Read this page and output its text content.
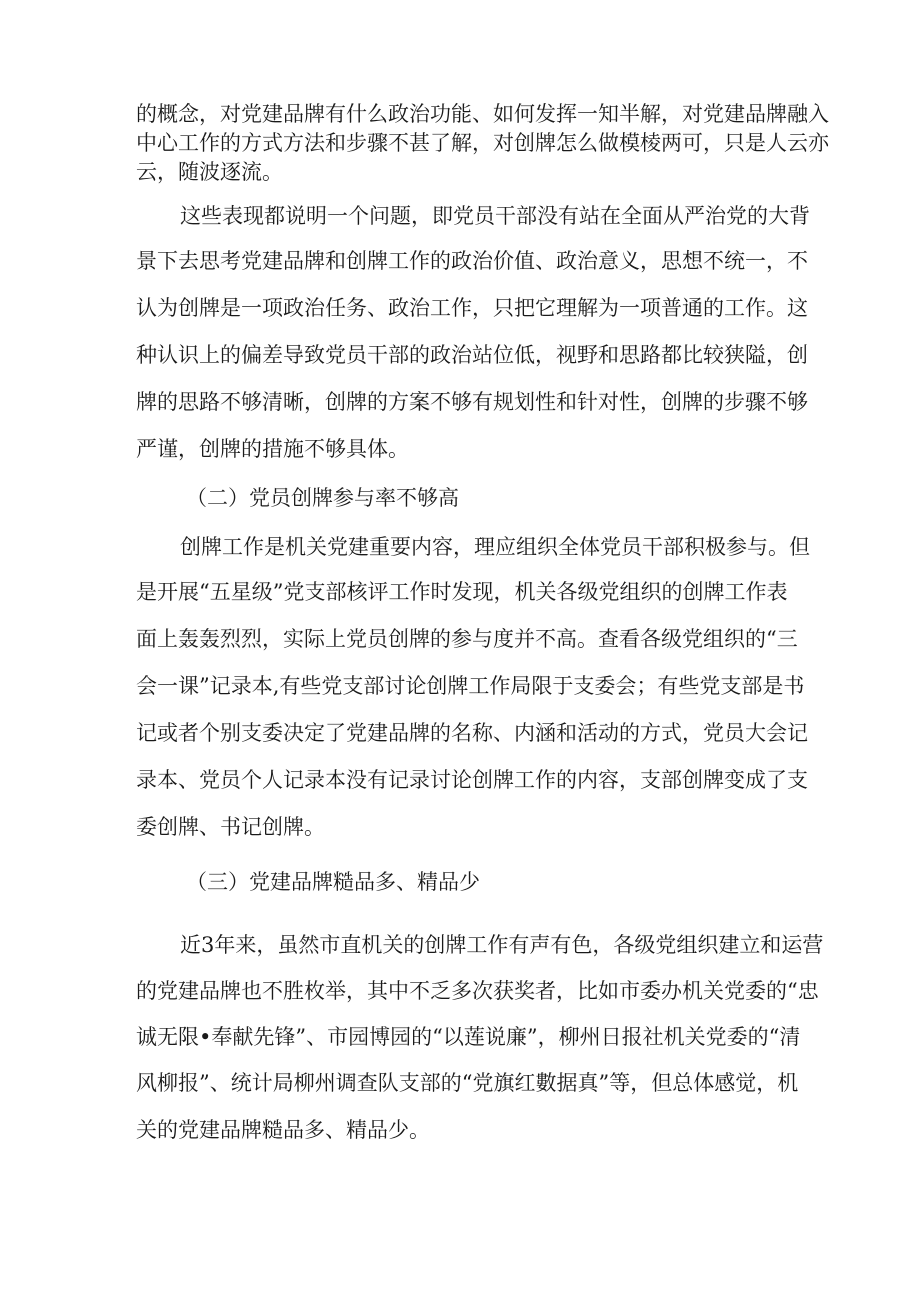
的概念，对党建品牌有什么政治功能、如何发挥一知半解，对党建品牌融入
中心工作的方式方法和步骤不甚了解，对创牌怎么做模棱两可，只是人云亦
云，随波逐流。
这些表现都说明一个问题，即党员干部没有站在全面从严治党的大背
景下去思考党建品牌和创牌工作的政治价值、政治意义，思想不统一，不
认为创牌是一项政治任务、政治工作，只把它理解为一项普通的工作。这
种认识上的偏差导致党员干部的政治站位低，视野和思路都比较狭隘，创
牌的思路不够清晰，创牌的方案不够有规划性和针对性，创牌的步骤不够
严谨，创牌的措施不够具体。
（二）党员创牌参与率不够高
创牌工作是机关党建重要内容，理应组织全体党员干部积极参与。但
是开展“五星级”党支部核评工作时发现，机关各级党组织的创牌工作表
面上轰轰烈烈，实际上党员创牌的参与度并不高。查看各级党组织的“三
会一课”记录本,有些党支部讨论创牌工作局限于支委会；有些党支部是书
记或者个别支委决定了党建品牌的名称、内涵和活动的方式，党员大会记
录本、党员个人记录本没有记录讨论创牌工作的内容，支部创牌变成了支
委创牌、书记创牌。
（三）党建品牌糙品多、精品少
近3年来，虽然市直机关的创牌工作有声有色，各级党组织建立和运营
的党建品牌也不胜枚举，其中不乏多次获奖者，比如市委办机关党委的“忠
诚无限•奉献先锋”、市园博园的“以莲说廉”，柳州日报社机关党委的“清
风柳报”、统计局柳州调查队支部的“党旗红數据真”等，但总体感觉，机
关的党建品牌糙品多、精品少。
